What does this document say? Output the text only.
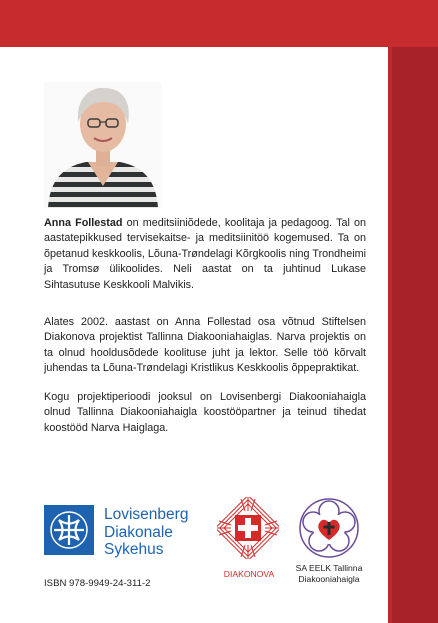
Anna Follestad on meditsiiniõdede, koolitaja ja pedagoog. Tal on aastatepikkused tervisekaitse- ja meditsiinitöö kogemused. Ta on õpetanud keskkoolis, Lõuna-Trøndelagi Kõrgkoolis ning Trondheimi ja Tromsø ülikoolides. Neli aastat on ta juhtinud Lukase Sihtasutuse Keskkooli Malvikis.
Alates 2002. aastast on Anna Follestad osa võtnud Stiftelsen Diakonova projektist Tallinna Diakooniahaiglas. Narva projektis on ta olnud hooldusõdede koolituse juht ja lektor. Selle töö kõrvalt juhendas ta Lõuna-Trøndelagi Kristlikus Keskkoolis õppepraktikat.
Kogu projektiperioodi jooksul on Lovisenbergi Diakooniahaigla olnud Tallinna Diakooniahaigla koostööpartner ja teinud tihedat koostööd Narva Haiglaga.
Lovisenberg
Diakonale
Sykehus
ISBN 978-9949-24-311-2
DIAKONOVA
SA EELK Tallinna
Diakooniahaigla
